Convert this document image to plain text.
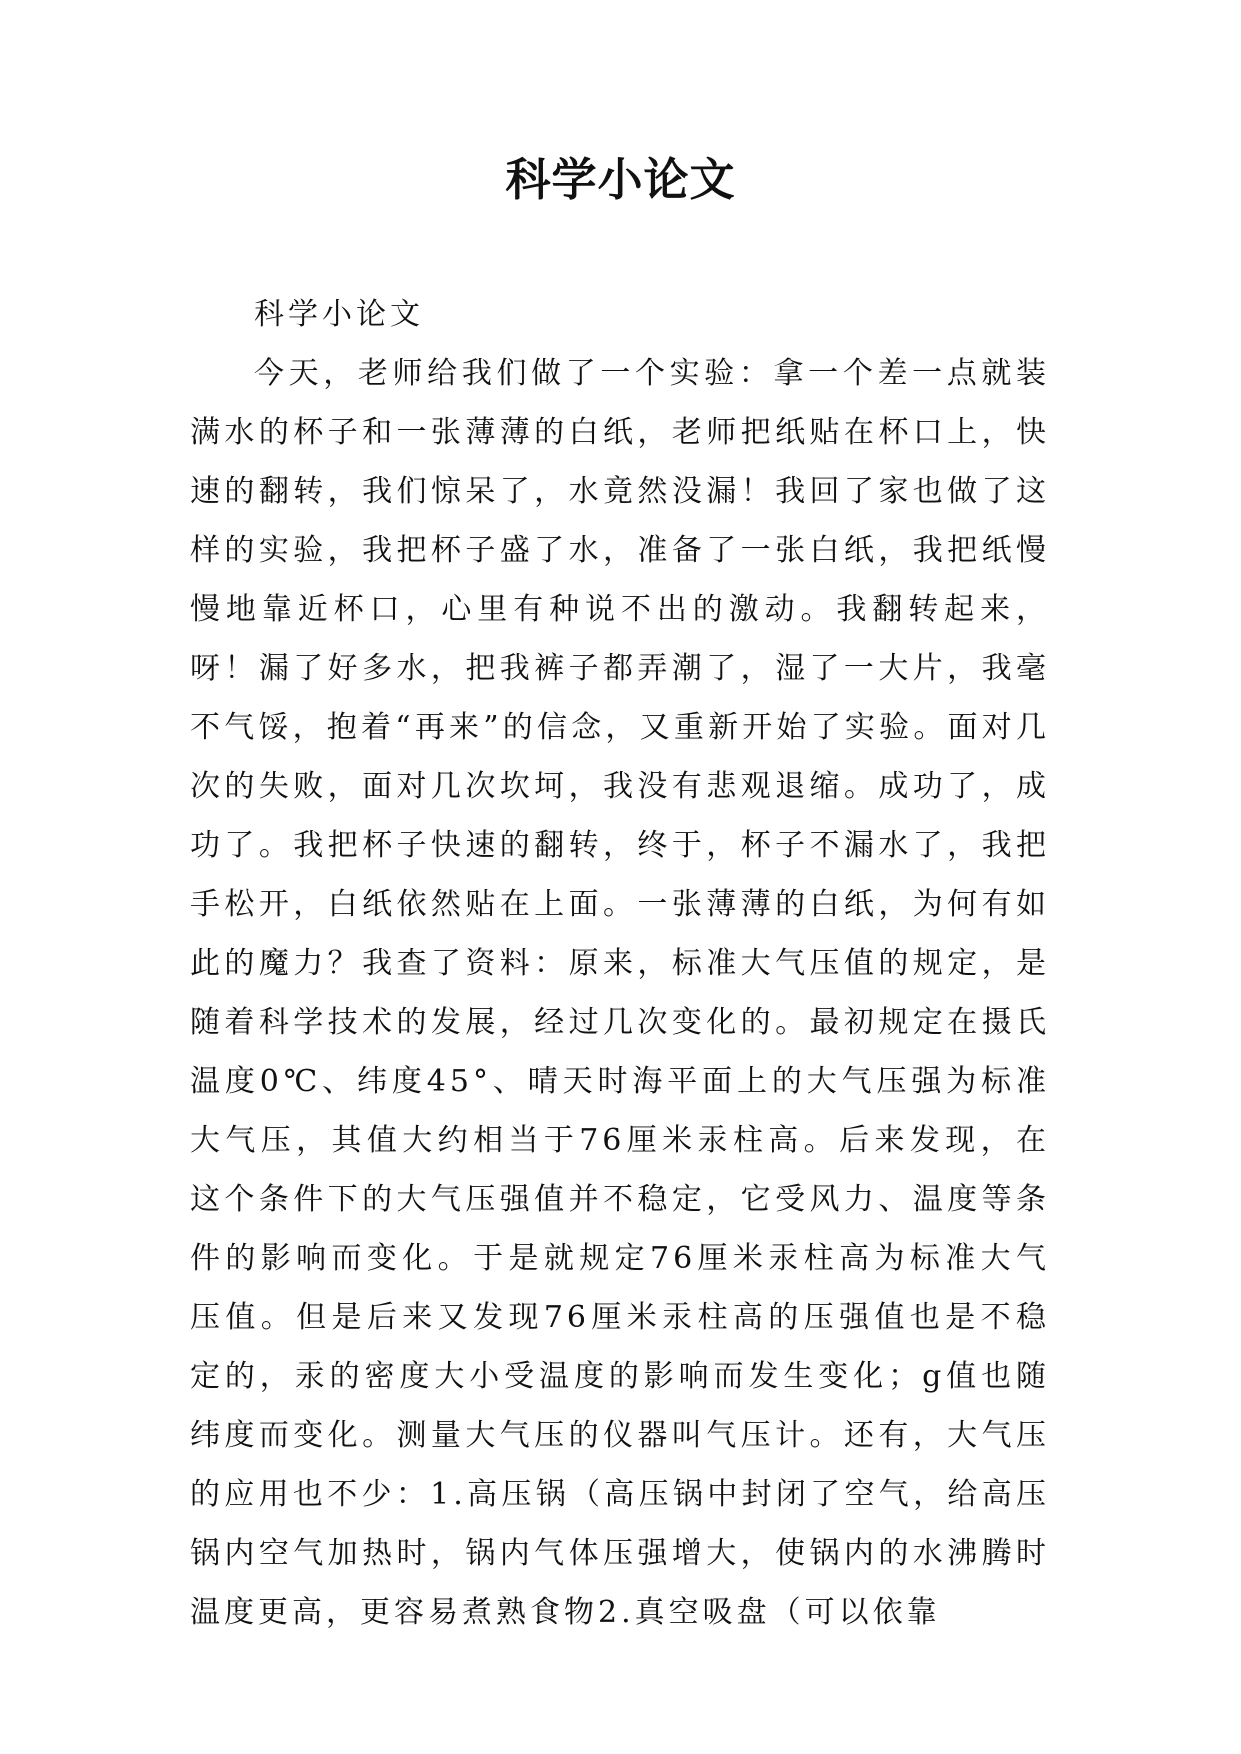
科学小论文

科学小论文

今天，老师给我们做了一个实验：拿一个差一点就装满水的杯子和一张薄薄的白纸，老师把纸贴在杯口上，快速的翻转，我们惊呆了，水竟然没漏！我回了家也做了这样的实验，我把杯子盛了水，准备了一张白纸，我把纸慢慢地靠近杯口，心里有种说不出的激动。我翻转起来，呀！漏了好多水，把我裤子都弄潮了，湿了一大片，我毫不气馁，抱着“再来”的信念，又重新开始了实验。面对几次的失败，面对几次坎坷，我没有悲观退缩。成功了，成功了。我把杯子快速的翻转，终于，杯子不漏水了，我把手松开，白纸依然贴在上面。一张薄薄的白纸，为何有如此的魔力？我查了资料：原来，标准大气压值的规定，是随着科学技术的发展，经过几次变化的。最初规定在摄氏温度0℃、纬度45°、晴天时海平面上的大气压强为标准大气压，其值大约相当于76厘米汞柱高。后来发现，在这个条件下的大气压强值并不稳定，它受风力、温度等条件的影响而变化。于是就规定76厘米汞柱高为标准大气压值。但是后来又发现76厘米汞柱高的压强值也是不稳定的，汞的密度大小受温度的影响而发生变化；g值也随纬度而变化。测量大气压的仪器叫气压计。还有，大气压的应用也不少：1.高压锅（高压锅中封闭了空气，给高压锅内空气加热时，锅内气体压强增大，使锅内的水沸腾时温度更高，更容易煮熟食物2.真空吸盘（可以依靠
